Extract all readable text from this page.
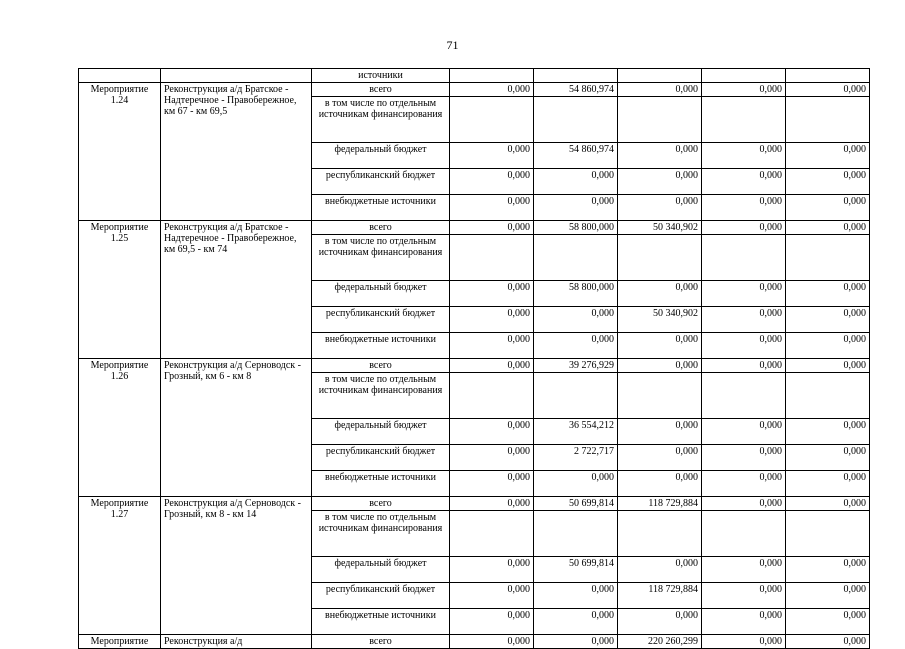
71
		источники					
Мероприятие 1.24	Реконструкция а/д Братское - Надтеречное - Правобережное, км 67 - км 69,5	всего	0,000	54 860,974	0,000	0,000	0,000
		в том числе по отдельным источникам финансирования					
		федеральный бюджет	0,000	54 860,974	0,000	0,000	0,000
		республиканский бюджет	0,000	0,000	0,000	0,000	0,000
		внебюджетные источники	0,000	0,000	0,000	0,000	0,000
Мероприятие 1.25	Реконструкция а/д Братское - Надтеречное - Правобережное, км 69,5 - км 74	всего	0,000	58 800,000	50 340,902	0,000	0,000
		в том числе по отдельным источникам финансирования					
		федеральный бюджет	0,000	58 800,000	0,000	0,000	0,000
		республиканский бюджет	0,000	0,000	50 340,902	0,000	0,000
		внебюджетные источники	0,000	0,000	0,000	0,000	0,000
Мероприятие 1.26	Реконструкция а/д Серноводск - Грозный, км 6 - км 8	всего	0,000	39 276,929	0,000	0,000	0,000
		в том числе по отдельным источникам финансирования					
		федеральный бюджет	0,000	36 554,212	0,000	0,000	0,000
		республиканский бюджет	0,000	2 722,717	0,000	0,000	0,000
		внебюджетные источники	0,000	0,000	0,000	0,000	0,000
Мероприятие 1.27	Реконструкция а/д Серноводск - Грозный, км 8 - км 14	всего	0,000	50 699,814	118 729,884	0,000	0,000
		в том числе по отдельным источникам финансирования					
		федеральный бюджет	0,000	50 699,814	0,000	0,000	0,000
		республиканский бюджет	0,000	0,000	118 729,884	0,000	0,000
		внебюджетные источники	0,000	0,000	0,000	0,000	0,000
Мероприятие	Реконструкция а/д	всего	0,000	0,000	220 260,299	0,000	0,000
